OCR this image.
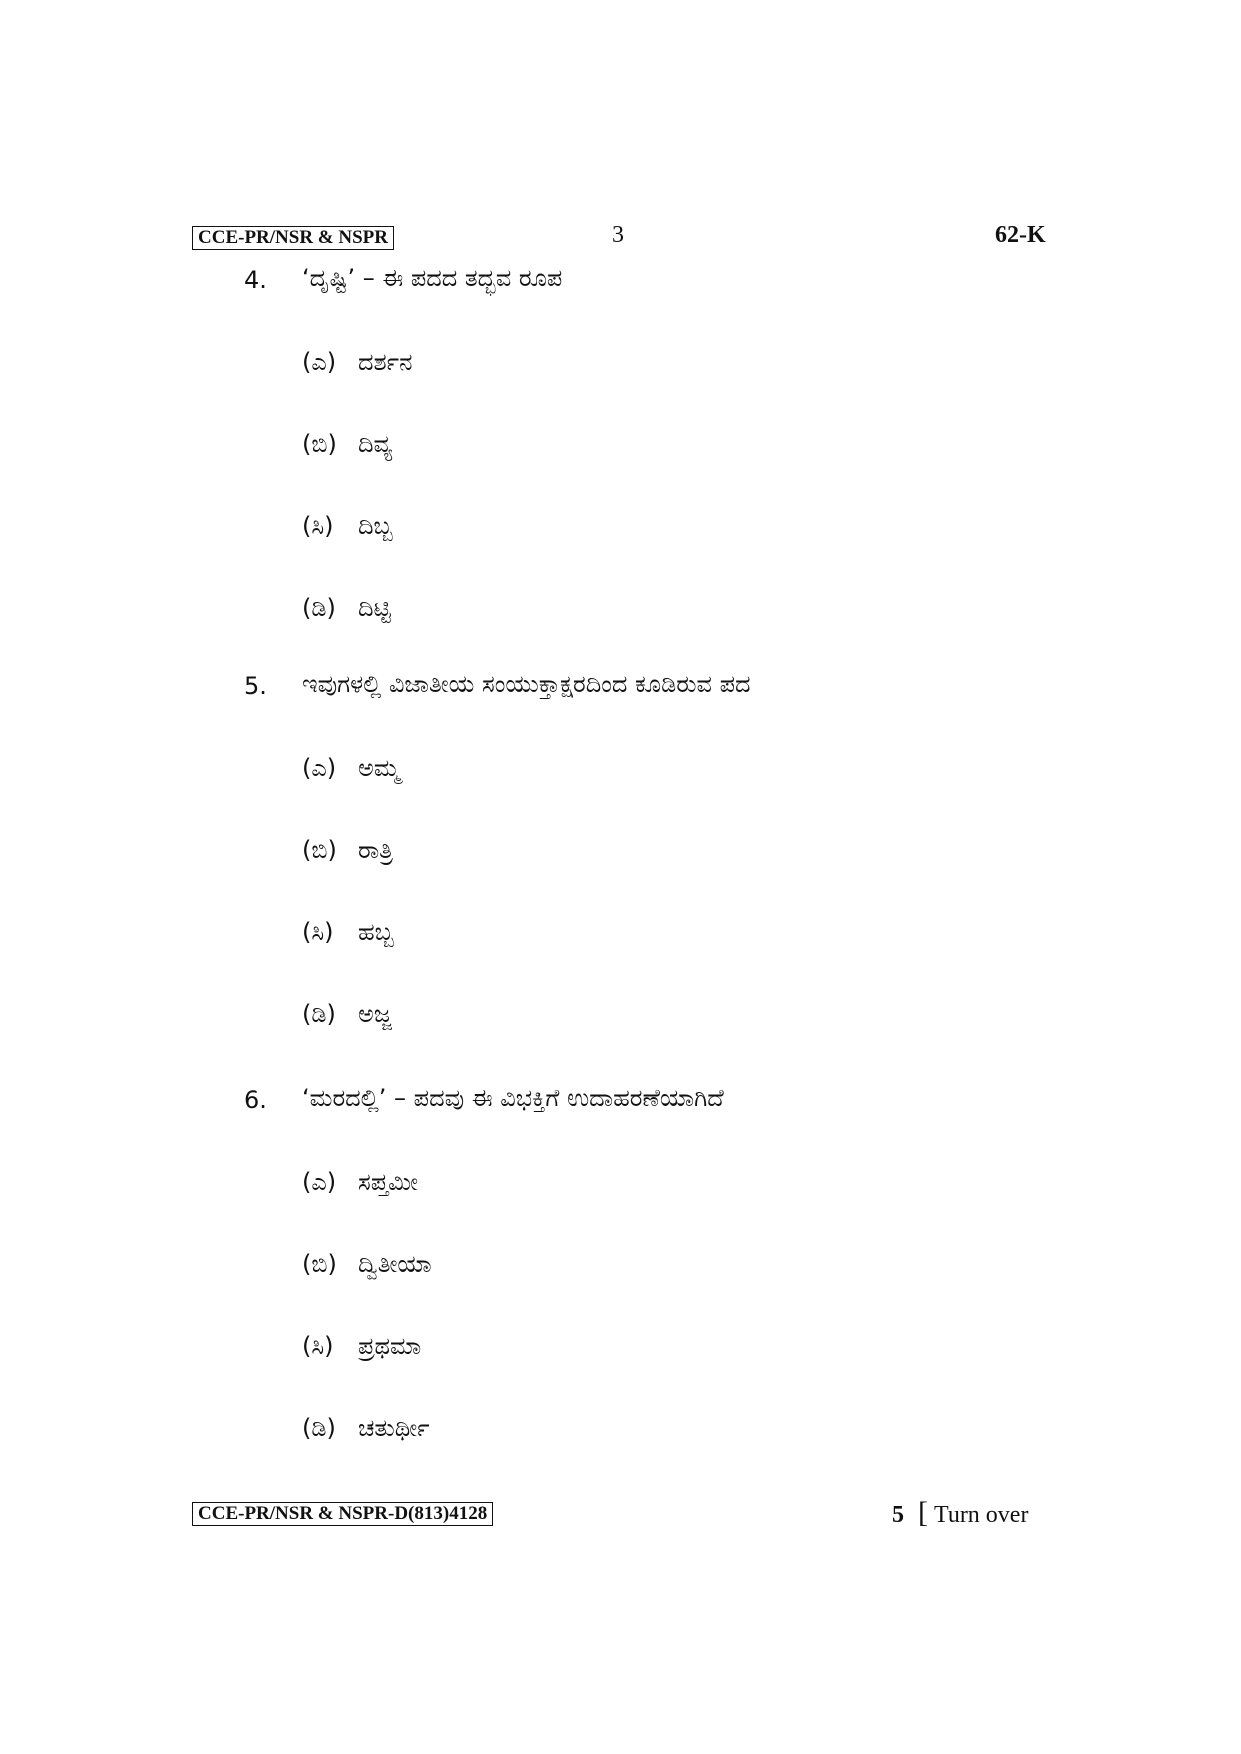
CCE-PR/NSR & NSPR	3	62-K
4. ‘ದೃಷ್ಟಿ’ – ಈ ಪದದ ತದ್ಭವ ರೂಪ
(ಎ) ದರ್ಶನ
(ಬಿ) ದಿವ್ಯ
(ಸಿ) ದಿಬ್ಬ
(ಡಿ) ದಿಟ್ಟಿ
5. ಇವುಗಳಲ್ಲಿ ವಿಜಾತೀಯ ಸಂಯುಕ್ತಾಕ್ಷರದಿಂದ ಕೂಡಿರುವ ಪದ
(ಎ) ಅಮ್ಮ
(ಬಿ) ರಾತ್ರಿ
(ಸಿ) ಹಬ್ಬ
(ಡಿ) ಅಜ್ಜ
6. ‘ಮರದಲ್ಲಿ’ – ಪದವು ಈ ವಿಭಕ್ತಿಗೆ ಉದಾಹರಣೆಯಾಗಿದೆ
(ಎ) ಸಪ್ತಮೀ
(ಬಿ) ದ್ವಿತೀಯಾ
(ಸಿ) ಪ್ರಥಮಾ
(ಡಿ) ಚತುರ್ಥೀ
CCE-PR/NSR & NSPR-D(813)4128	5 [ Turn over
